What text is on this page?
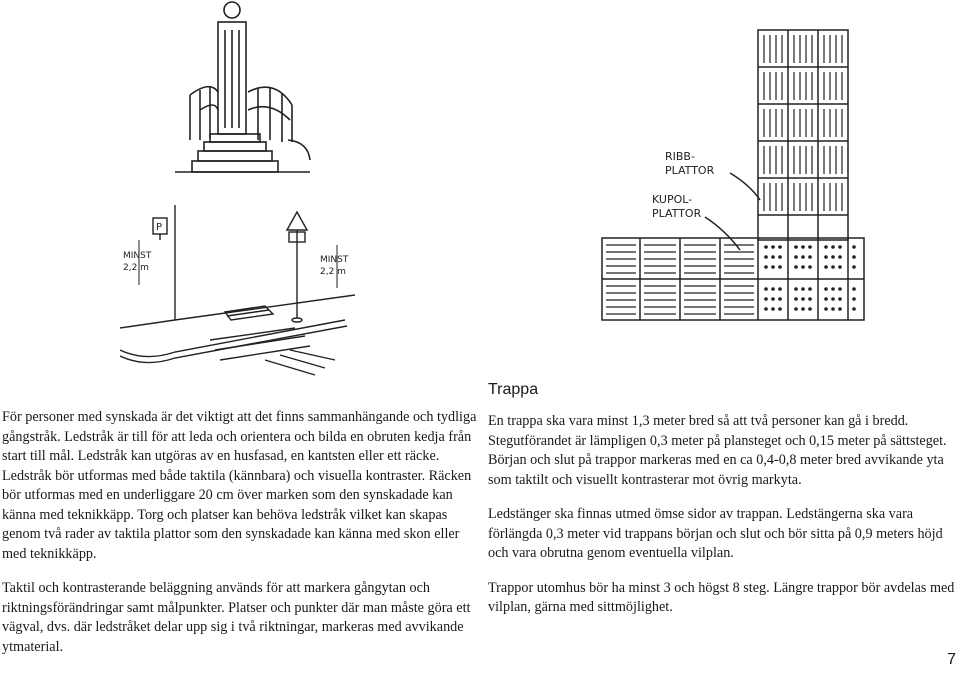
P
MINST
2,2 m
MINST
2,2 m
RIBB-
PLATTOR
KUPOL-
PLATTOR

För personer med synskada är det viktigt att det finns sammanhängande och tydliga gångstråk. Ledstråk är till för att leda och orientera och bilda en obruten kedja från start till mål. Ledstråk kan utgöras av en husfasad, en kantsten eller ett räcke. Ledstråk bör utformas med både taktila (kännbara) och visuella kontraster. Räcken bör utformas med en underliggare 20 cm över marken som den synskadade kan känna med teknikkäpp. Torg och platser kan behöva ledstråk vilket kan skapas genom två rader av taktila plattor som den synskadade kan känna med skon eller med teknikkäpp.

Taktil och kontrasterande beläggning används för att markera gångytan och riktningsförändringar samt målpunkter. Platser och punkter där man måste göra ett vägval, dvs. där ledstråket delar upp sig i två riktningar, markeras med avvikande ytmaterial.

Trappa

En trappa ska vara minst 1,3 meter bred så att två personer kan gå i bredd. Stegutförandet är lämpligen 0,3 meter på plansteget och 0,15 meter på sättsteget. Början och slut på trappor markeras med en ca 0,4-0,8 meter bred avvikande yta som taktilt och visuellt kontrasterar mot övrig markyta.

Ledstänger ska finnas utmed ömse sidor av trappan. Ledstängerna ska vara förlängda 0,3 meter vid trappans början och slut och bör sitta på 0,9 meters höjd och vara obrutna genom eventuella vilplan.

Trappor utomhus bör ha minst 3 och högst 8 steg. Längre trappor bör avdelas med vilplan, gärna med sittmöjlighet.

7
